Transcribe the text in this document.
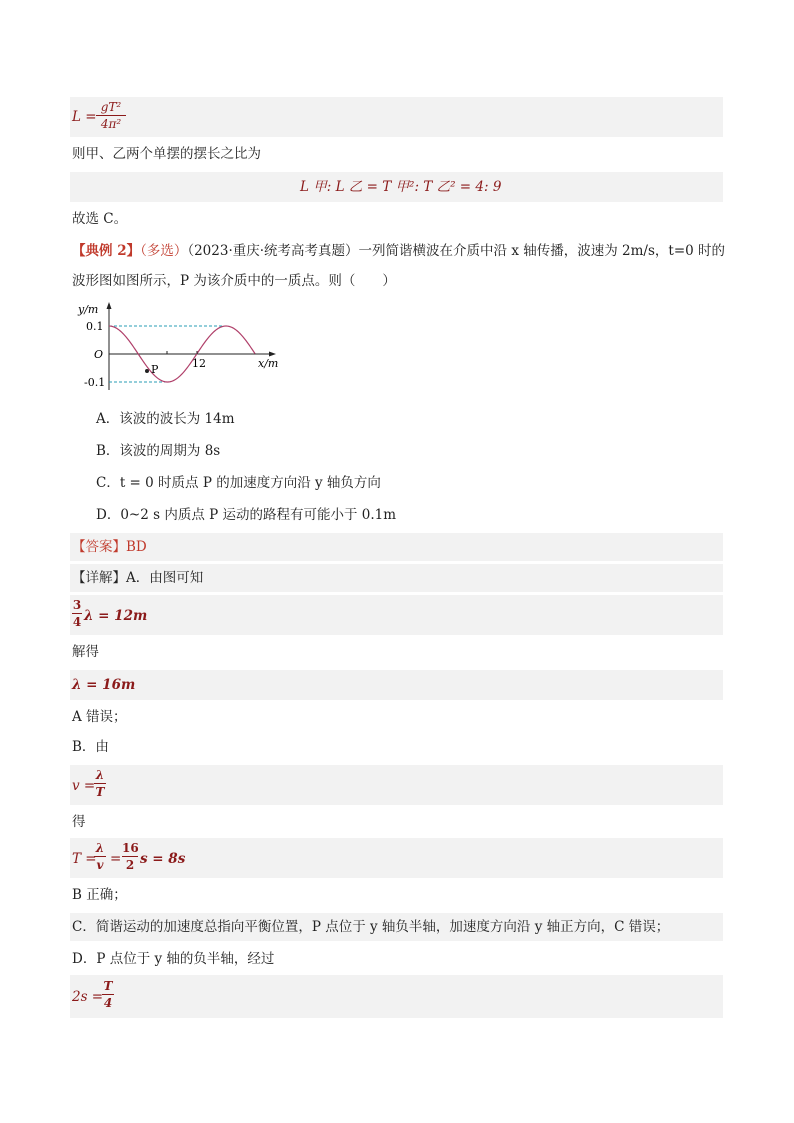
L =
gT²
4π²
则甲、乙两个单摆的摆长之比为
L 甲: L 乙 = T 甲²: T 乙² = 4: 9
故选 C。
【典例 2】（多选）（2023·重庆·统考高考真题）一列简谐横波在介质中沿 x 轴传播，波速为 2m/s，t=0 时的
波形图如图所示，P 为该介质中的一质点。则（　　）
y/m
x/m
0.1
-0.1
O
12
P
A．该波的波长为 14m
B．该波的周期为 8s
C．t = 0 时质点 P 的加速度方向沿 y 轴负方向
D．0~2 s 内质点 P 运动的路程有可能小于 0.1m
【答案】BD
【详解】A．由图可知
3
4 λ = 12m
解得
λ = 16m
A 错误；
B．由
v =
λ
T
得
T =
λ
v =
16
2 s = 8s
B 正确；
C．简谐运动的加速度总指向平衡位置，P 点位于 y 轴负半轴，加速度方向沿 y 轴正方向，C 错误；
D．P 点位于 y 轴的负半轴，经过
2s =
T
4
